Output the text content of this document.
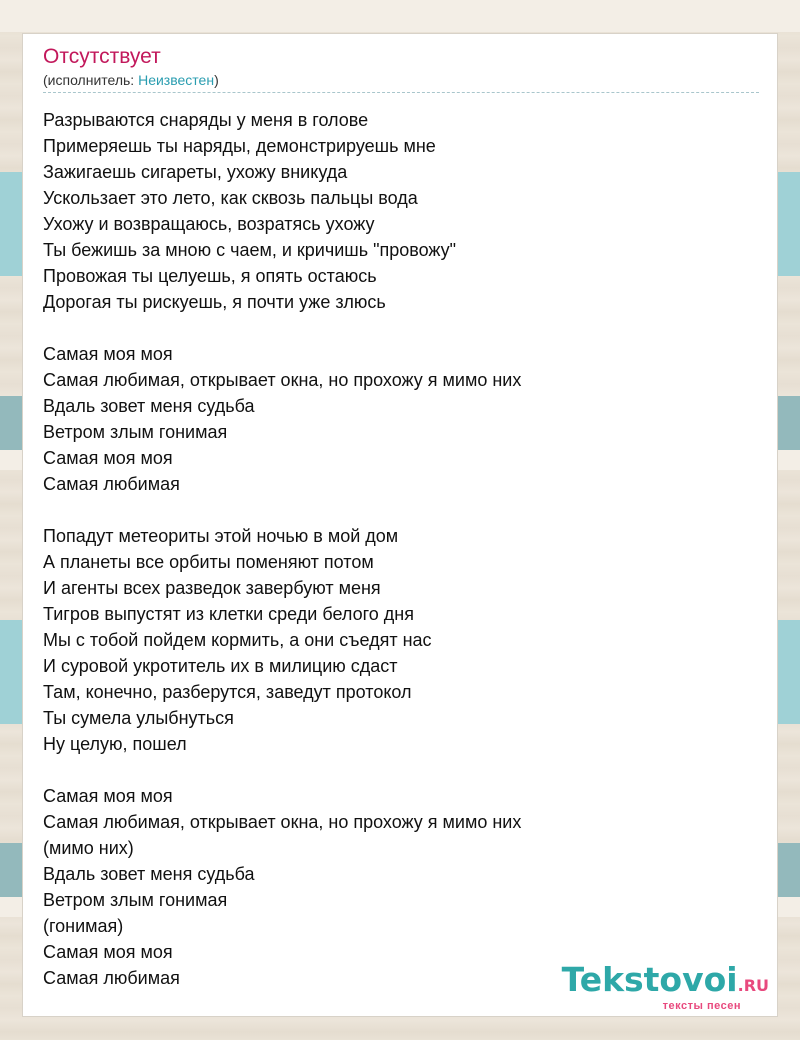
Отсутствует
(исполнитель: Неизвестен)
Разрываются снаряды у меня в голове
Примеряешь ты наряды, демонстрируешь мне
Зажигаешь сигареты, ухожу вникуда
Ускользает это лето, как сквозь пальцы вода
Ухожу и возвращаюсь, возратясь ухожу
Ты бежишь за мною с чаем, и кричишь "провожу"
Провожая ты целуешь, я опять остаюсь
Дорогая ты рискуешь, я почти уже злюсь
Самая моя моя
Самая любимая, открывает окна, но прохожу я мимо них
Вдаль зовет меня судьба
Ветром злым гонимая
Самая моя моя
Самая любимая
Попадут метеориты этой ночью в мой дом
А планеты все орбиты поменяют потом
И агенты всех разведок завербуют меня
Тигров выпустят из клетки среди белого дня
Мы с тобой пойдем кормить, а они съедят нас
И суровой укротитель их в милицию сдаст
Там, конечно, разберутся, заведут протокол
Ты сумела улыбнуться
Ну целую, пошел
Самая моя моя
Самая любимая, открывает окна, но прохожу я мимо них
(мимо них)
Вдаль зовет меня судьба
Ветром злым гонимая
(гонимая)
Самая моя моя
Самая любимая	Tekstovoi.RU
тексты песен
